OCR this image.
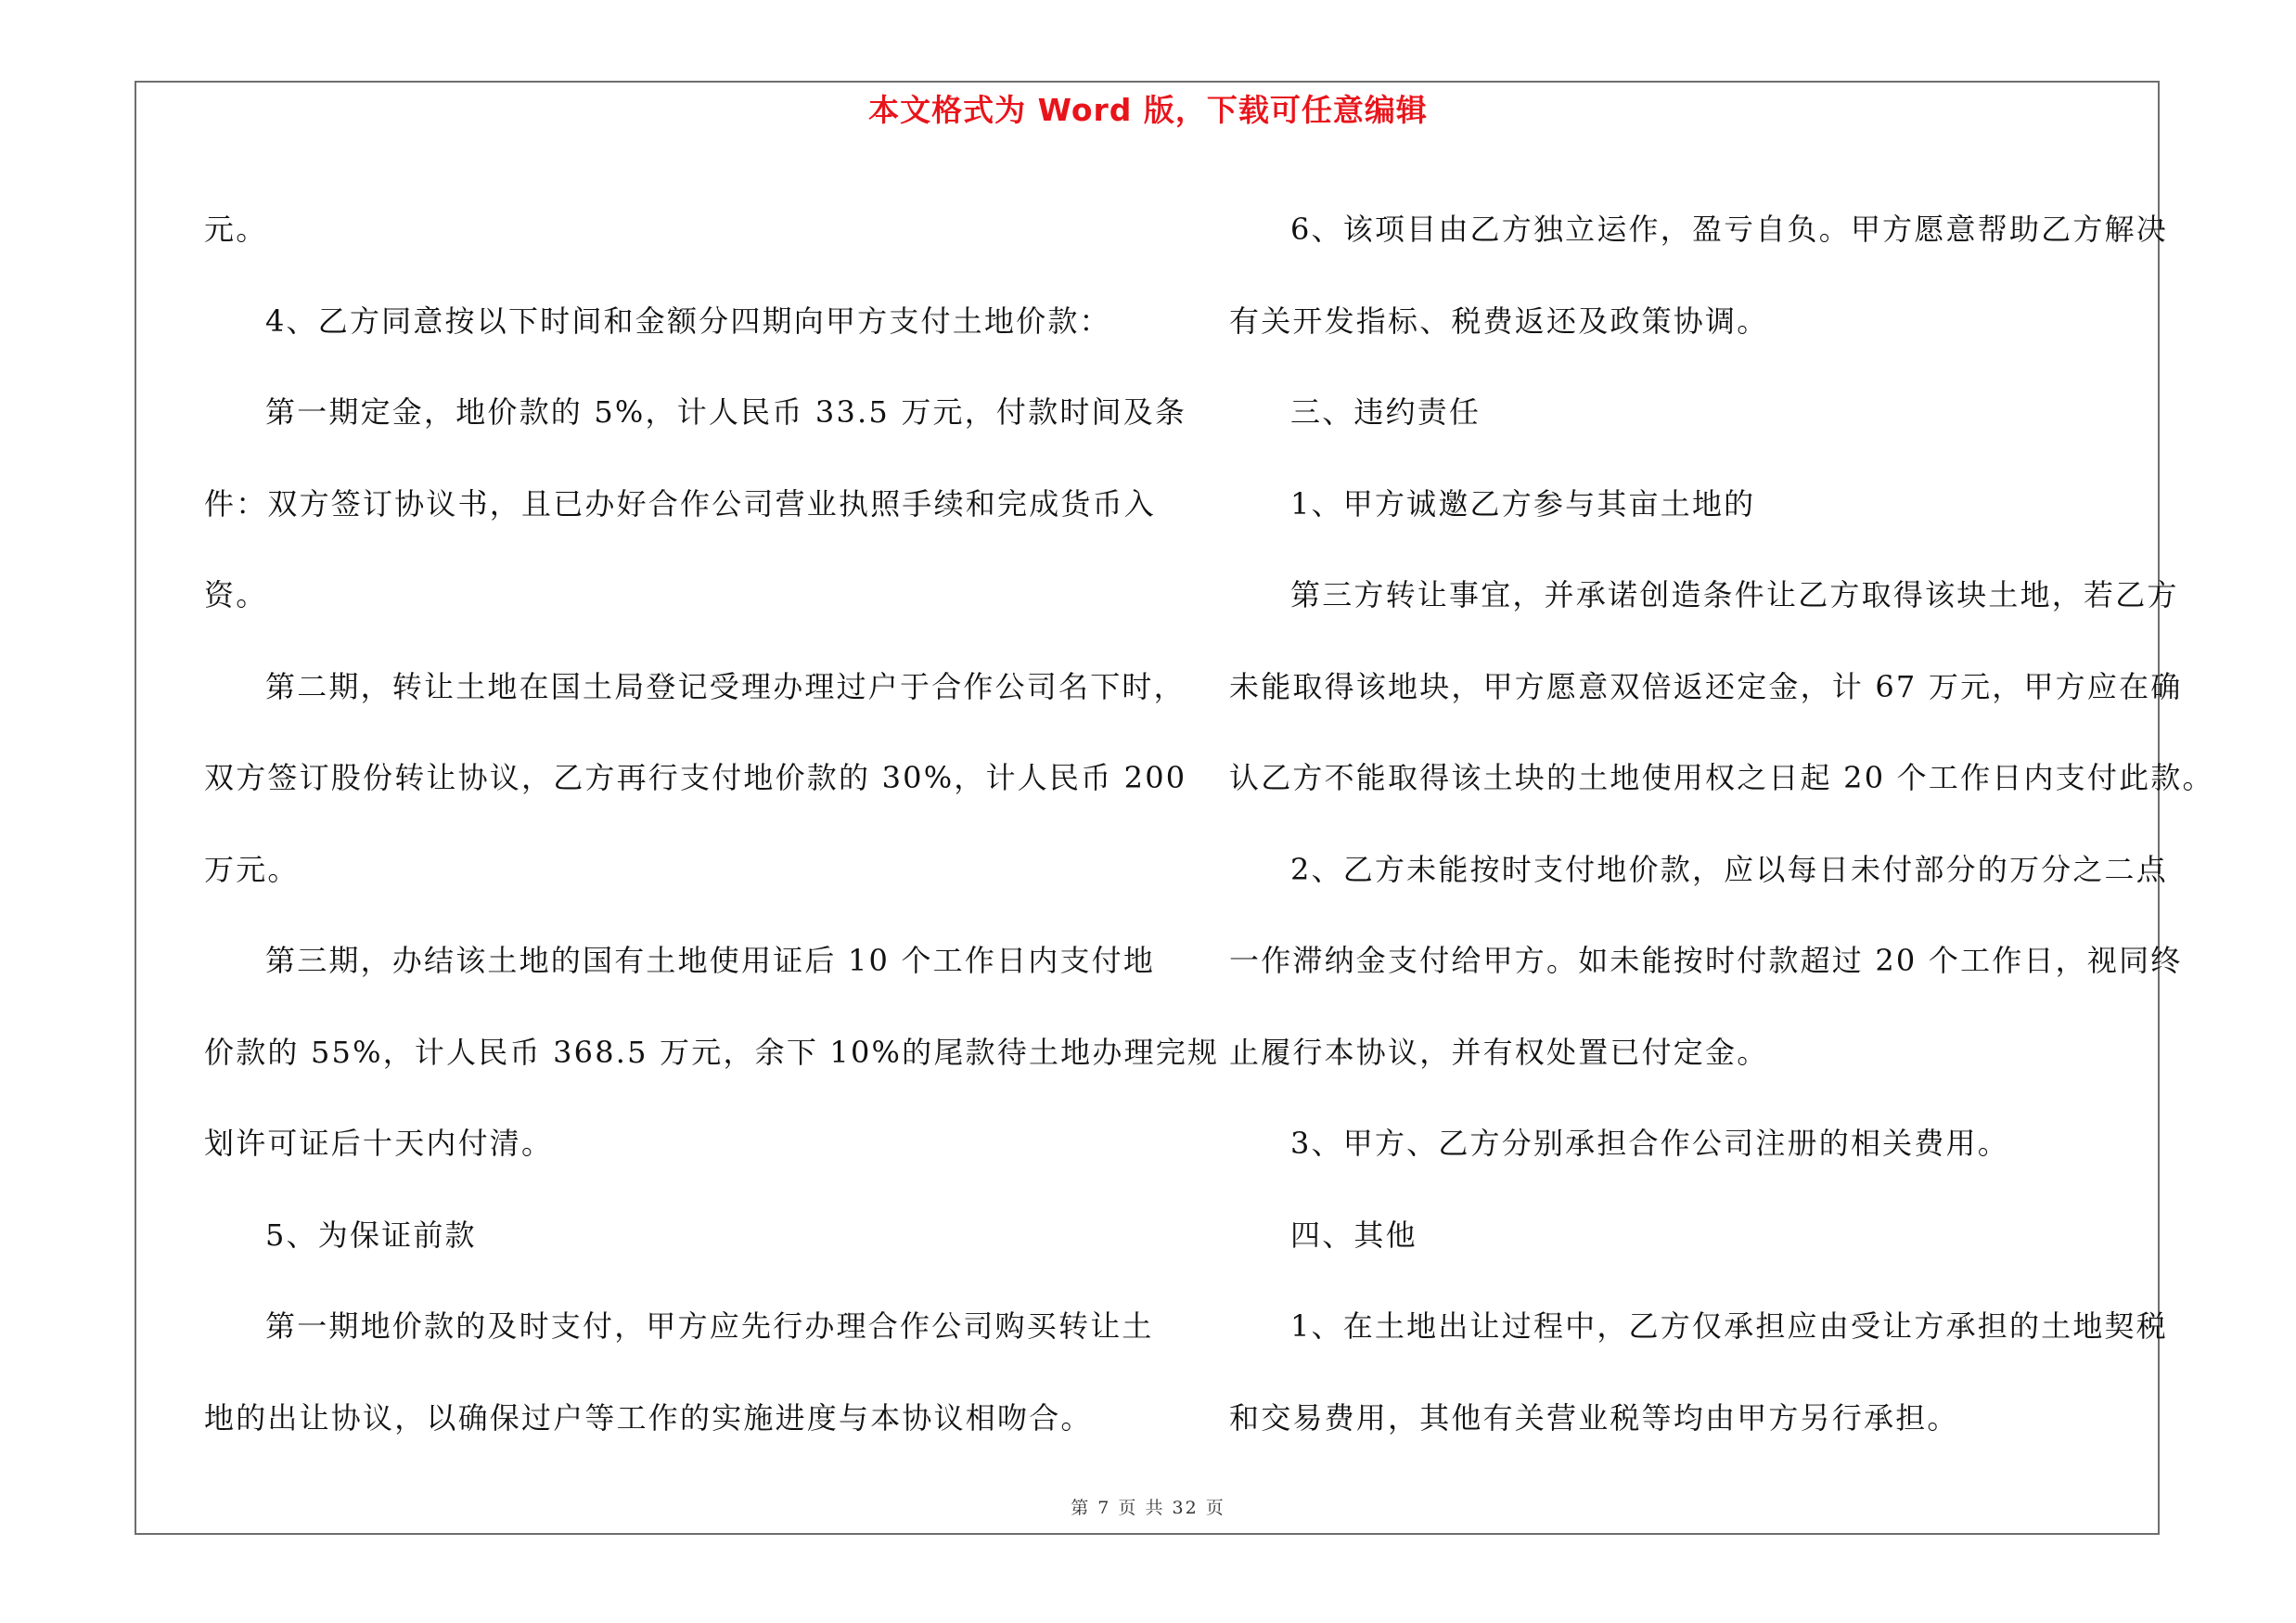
本文格式为 Word 版，下载可任意编辑

元。

4、乙方同意按以下时间和金额分四期向甲方支付土地价款：

第一期定金，地价款的 5%，计人民币 33.5 万元，付款时间及条

件：双方签订协议书，且已办好合作公司营业执照手续和完成货币入

资。

第二期，转让土地在国土局登记受理办理过户于合作公司名下时，

双方签订股份转让协议，乙方再行支付地价款的 30%，计人民币 200

万元。

第三期，办结该土地的国有土地使用证后 10 个工作日内支付地

价款的 55%，计人民币 368.5 万元，余下 10%的尾款待土地办理完规

划许可证后十天内付清。

5、为保证前款

第一期地价款的及时支付，甲方应先行办理合作公司购买转让土

地的出让协议，以确保过户等工作的实施进度与本协议相吻合。

6、该项目由乙方独立运作，盈亏自负。甲方愿意帮助乙方解决

有关开发指标、税费返还及政策协调。

三、违约责任

1、甲方诚邀乙方参与其亩土地的

第三方转让事宜，并承诺创造条件让乙方取得该块土地，若乙方

未能取得该地块，甲方愿意双倍返还定金，计 67 万元，甲方应在确

认乙方不能取得该土块的土地使用权之日起 20 个工作日内支付此款。

2、乙方未能按时支付地价款，应以每日未付部分的万分之二点

一作滞纳金支付给甲方。如未能按时付款超过 20 个工作日，视同终

止履行本协议，并有权处置已付定金。

3、甲方、乙方分别承担合作公司注册的相关费用。

四、其他

1、在土地出让过程中，乙方仅承担应由受让方承担的土地契税

和交易费用，其他有关营业税等均由甲方另行承担。

第 7 页 共 32 页
